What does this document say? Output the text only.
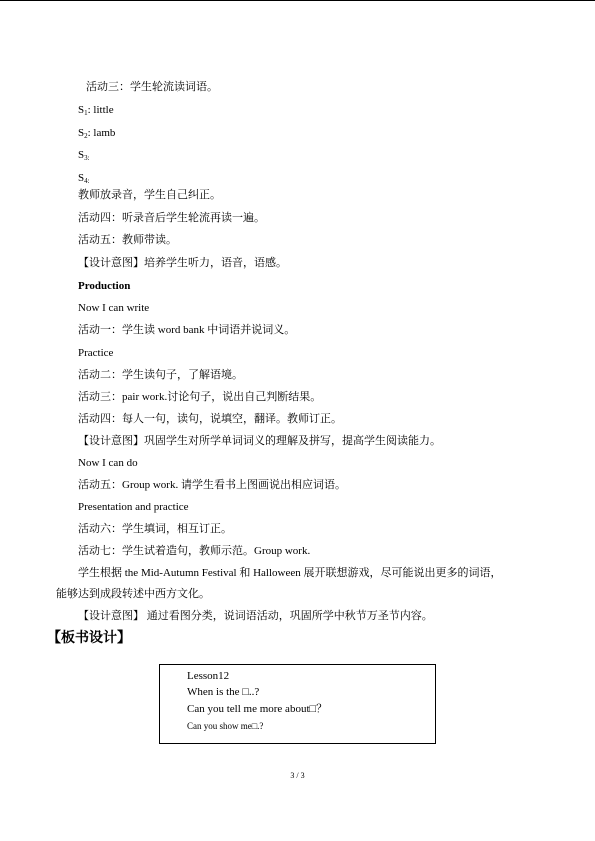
活动三：学生轮流读词语。
$S_1$: little
$S_2$: lamb
$S_{3:}$
$S_{4:}$
教师放录音，学生自己纠正。
活动四：听录音后学生轮流再读一遍。
活动五：教师带读。
【设计意图】培养学生听力，语音，语感。
Production
Now I can write
活动一：学生读 word bank 中词语并说词义。
Practice
活动二：学生读句子，了解语境。
活动三：pair work.讨论句子，说出自己判断结果。
活动四：每人一句，读句，说填空，翻译。教师订正。
【设计意图】巩固学生对所学单词词义的理解及拼写，提高学生阅读能力。
Now I can do
活动五：Group work. 请学生看书上图画说出相应词语。
Presentation and practice
活动六：学生填词，相互订正。
活动七：学生试着造句，教师示范。Group work.
学生根据 the Mid-Autumn Festival 和 Halloween 展开联想游戏，尽可能说出更多的词语，
能够达到成段转述中西方文化。
【设计意图】 通过看图分类，说词语活动，巩固所学中秋节万圣节内容。
【板书设计】
Lesson12
When is the □..?
Can you tell me more about□？
Can you show me□.?
3 / 3
